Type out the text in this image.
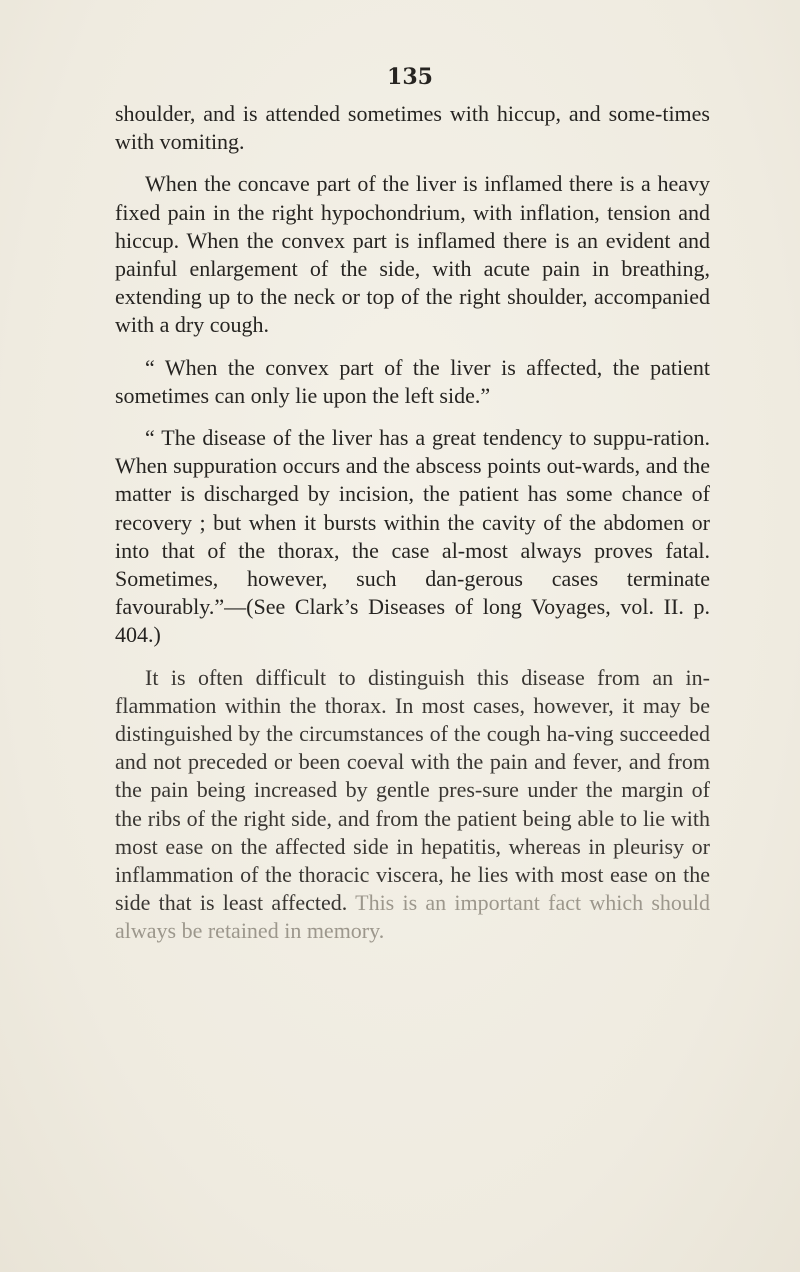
135

shoulder, and is attended sometimes with hiccup, and some-times with vomiting.

When the concave part of the liver is inflamed there is a heavy fixed pain in the right hypochondrium, with inflation, tension and hiccup. When the convex part is inflamed there is an evident and painful enlargement of the side, with acute pain in breathing, extending up to the neck or top of the right shoulder, accompanied with a dry cough.

“ When the convex part of the liver is affected, the patient sometimes can only lie upon the left side.”

“ The disease of the liver has a great tendency to suppu-ration. When suppuration occurs and the abscess points out-wards, and the matter is discharged by incision, the patient has some chance of recovery ; but when it bursts within the cavity of the abdomen or into that of the thorax, the case al-most always proves fatal. Sometimes, however, such dan-gerous cases terminate favourably.”—(See Clark’s Diseases of long Voyages, vol. II. p. 404.)

It is often difficult to distinguish this disease from an in-flammation within the thorax. In most cases, however, it may be distinguished by the circumstances of the cough ha-ving succeeded and not preceded or been coeval with the pain and fever, and from the pain being increased by gentle pres-sure under the margin of the ribs of the right side, and from the patient being able to lie with most ease on the affected side in hepatitis, whereas in pleurisy or inflammation of the thoracic viscera, he lies with most ease on the side that is least affected. This is an important fact which should always be retained in memory.
